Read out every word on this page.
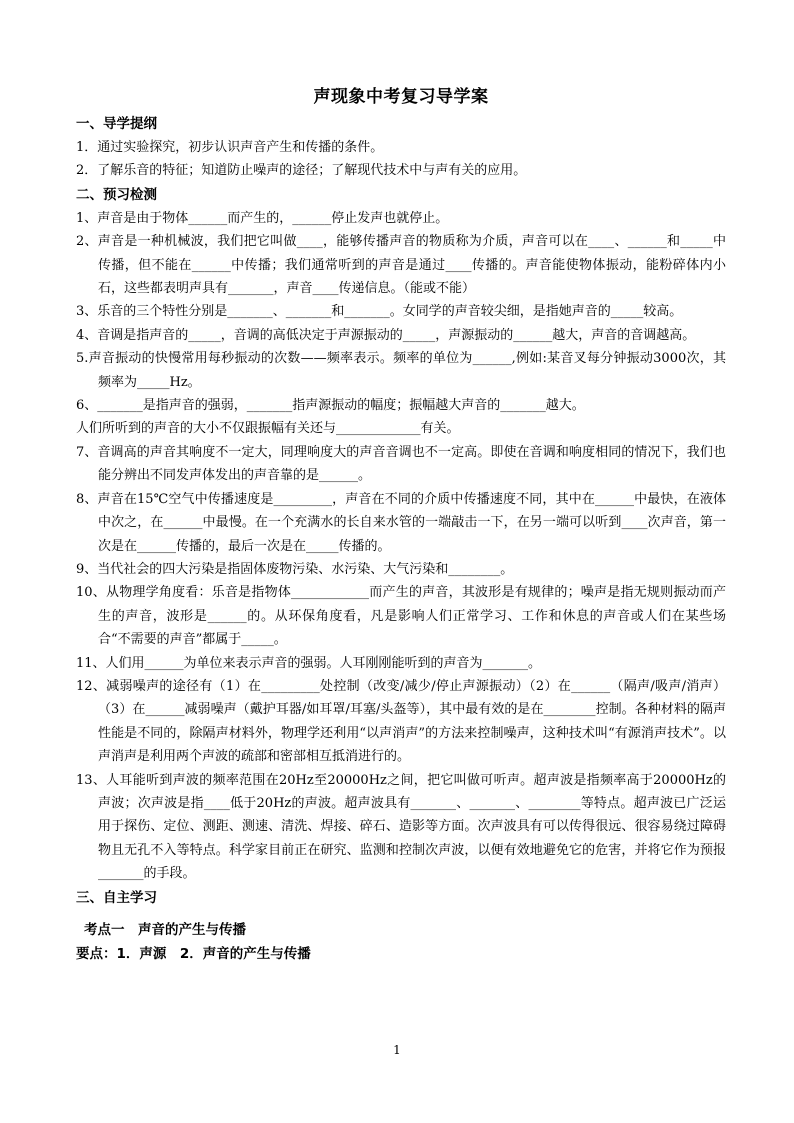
声现象中考复习导学案
一、导学提纲
1．通过实验探究，初步认识声音产生和传播的条件。
2．了解乐音的特征；知道防止噪声的途径；了解现代技术中与声有关的应用。
二、预习检测
1、声音是由于物体______而产生的，______停止发声也就停止。
2、声音是一种机械波，我们把它叫做____，能够传播声音的物质称为介质，声音可以在____、______和_____中传播，但不能在______中传播；我们通常听到的声音是通过____传播的。声音能使物体振动，能粉碎体内小石，这些都表明声具有_______，声音____传递信息。（能或不能）
3、乐音的三个特性分别是_______、_______和_______。女同学的声音较尖细，是指她声音的_____较高。
4、音调是指声音的_____，音调的高低决定于声源振动的_____，声源振动的______越大，声音的音调越高。
5.声音振动的快慢常用每秒振动的次数——频率表示。频率的单位为______,例如:某音叉每分钟振动3000次，其频率为_____Hz。
6、_______是指声音的强弱，_______指声源振动的幅度；振幅越大声音的_______越大。
人们所听到的声音的大小不仅跟振幅有关还与_____________有关。
7、音调高的声音其响度不一定大，同理响度大的声音音调也不一定高。即使在音调和响度相同的情况下，我们也能分辨出不同发声体发出的声音靠的是______。
8、声音在15℃空气中传播速度是_________，声音在不同的介质中传播速度不同，其中在______中最快，在液体中次之，在______中最慢。在一个充满水的长自来水管的一端敲击一下，在另一端可以听到____次声音，第一次是在______传播的，最后一次是在_____传播的。
9、当代社会的四大污染是指固体废物污染、水污染、大气污染和________。
10、从物理学角度看：乐音是指物体____________而产生的声音，其波形是有规律的；噪声是指无规则振动而产生的声音，波形是______的。从环保角度看，凡是影响人们正常学习、工作和休息的声音或人们在某些场合“不需要的声音”都属于_____。
11、人们用______为单位来表示声音的强弱。人耳刚刚能听到的声音为_______。
12、减弱噪声的途径有（1）在_________处控制（改变/减少/停止声源振动）（2）在______（隔声/吸声/消声）（3）在______减弱噪声（戴护耳器/如耳罩/耳塞/头盔等），其中最有效的是在________控制。各种材料的隔声性能是不同的，除隔声材料外，物理学还利用“以声消声”的方法来控制噪声，这种技术叫“有源消声技术”。以声消声是利用两个声波的疏部和密部相互抵消进行的。
13、人耳能听到声波的频率范围在20Hz至20000Hz之间，把它叫做可听声。超声波是指频率高于20000Hz的声波；次声波是指____低于20Hz的声波。超声波具有_______、_______、________等特点。超声波已广泛运用于探伤、定位、测距、测速、清洗、焊接、碎石、造影等方面。次声波具有可以传得很远、很容易绕过障碍物且无孔不入等特点。科学家目前正在研究、监测和控制次声波，以便有效地避免它的危害，并将它作为预报_______的手段。
三、自主学习
考点一　声音的产生与传播
要点：1．声源　2．声音的产生与传播
1
